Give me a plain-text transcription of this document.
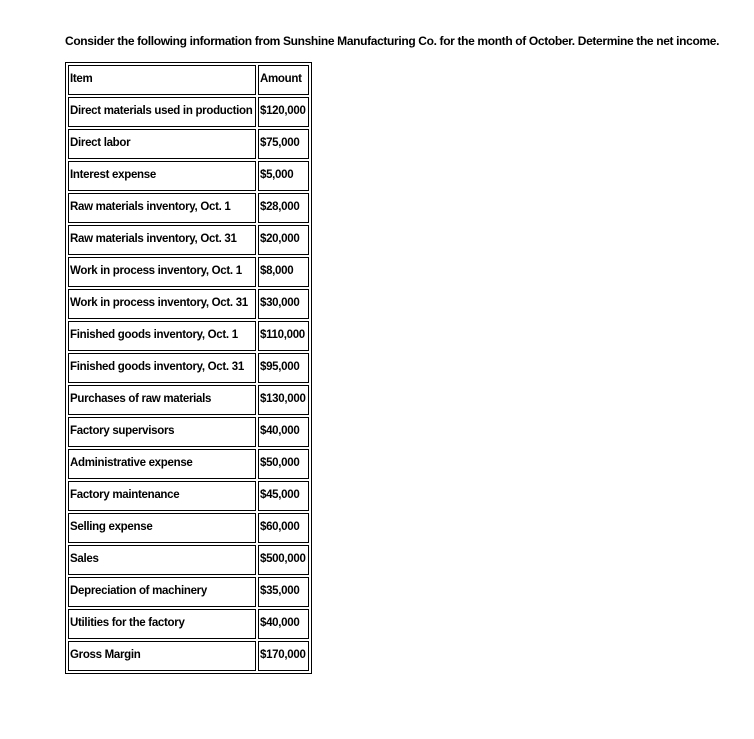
Consider the following information from Sunshine Manufacturing Co. for the month of October. Determine the net income.
Item	Amount
Direct materials used in production	$120,000
Direct labor	$75,000
Interest expense	$5,000
Raw materials inventory, Oct. 1	$28,000
Raw materials inventory, Oct. 31	$20,000
Work in process inventory, Oct. 1	$8,000
Work in process inventory, Oct. 31	$30,000
Finished goods inventory, Oct. 1	$110,000
Finished goods inventory, Oct. 31	$95,000
Purchases of raw materials	$130,000
Factory supervisors	$40,000
Administrative expense	$50,000
Factory maintenance	$45,000
Selling expense	$60,000
Sales	$500,000
Depreciation of machinery	$35,000
Utilities for the factory	$40,000
Gross Margin	$170,000
